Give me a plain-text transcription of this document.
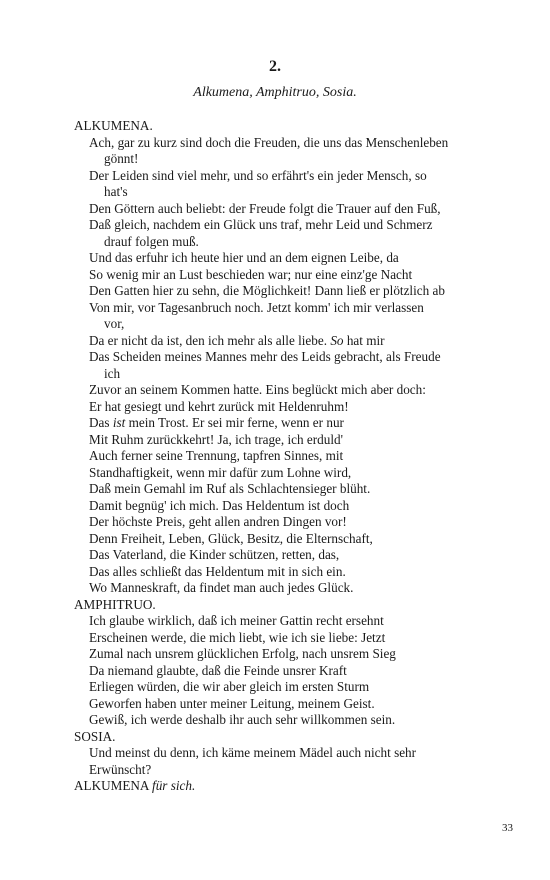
2.
Alkumena, Amphitruo, Sosia.
ALKUMENA.
Ach, gar zu kurz sind doch die Freuden, die uns das Menschenleben
gönnt!
Der Leiden sind viel mehr, und so erfährt's ein jeder Mensch, so
hat's
Den Göttern auch beliebt: der Freude folgt die Trauer auf den Fuß,
Daß gleich, nachdem ein Glück uns traf, mehr Leid und Schmerz
drauf folgen muß.
Und das erfuhr ich heute hier und an dem eignen Leibe, da
So wenig mir an Lust beschieden war; nur eine einz'ge Nacht
Den Gatten hier zu sehn, die Möglichkeit! Dann ließ er plötzlich ab
Von mir, vor Tagesanbruch noch. Jetzt komm' ich mir verlassen
vor,
Da er nicht da ist, den ich mehr als alle liebe. So hat mir
Das Scheiden meines Mannes mehr des Leids gebracht, als Freude
ich
Zuvor an seinem Kommen hatte. Eins beglückt mich aber doch:
Er hat gesiegt und kehrt zurück mit Heldenruhm!
Das ist mein Trost. Er sei mir ferne, wenn er nur
Mit Ruhm zurückkehrt! Ja, ich trage, ich erduld'
Auch ferner seine Trennung, tapfren Sinnes, mit
Standhaftigkeit, wenn mir dafür zum Lohne wird,
Daß mein Gemahl im Ruf als Schlachtensieger blüht.
Damit begnüg' ich mich. Das Heldentum ist doch
Der höchste Preis, geht allen andren Dingen vor!
Denn Freiheit, Leben, Glück, Besitz, die Elternschaft,
Das Vaterland, die Kinder schützen, retten, das,
Das alles schließt das Heldentum mit in sich ein.
Wo Manneskraft, da findet man auch jedes Glück.
AMPHITRUO.
Ich glaube wirklich, daß ich meiner Gattin recht ersehnt
Erscheinen werde, die mich liebt, wie ich sie liebe: Jetzt
Zumal nach unsrem glücklichen Erfolg, nach unsrem Sieg
Da niemand glaubte, daß die Feinde unsrer Kraft
Erliegen würden, die wir aber gleich im ersten Sturm
Geworfen haben unter meiner Leitung, meinem Geist.
Gewiß, ich werde deshalb ihr auch sehr willkommen sein.
SOSIA.
Und meinst du denn, ich käme meinem Mädel auch nicht sehr
Erwünscht?
ALKUMENA für sich.
33
